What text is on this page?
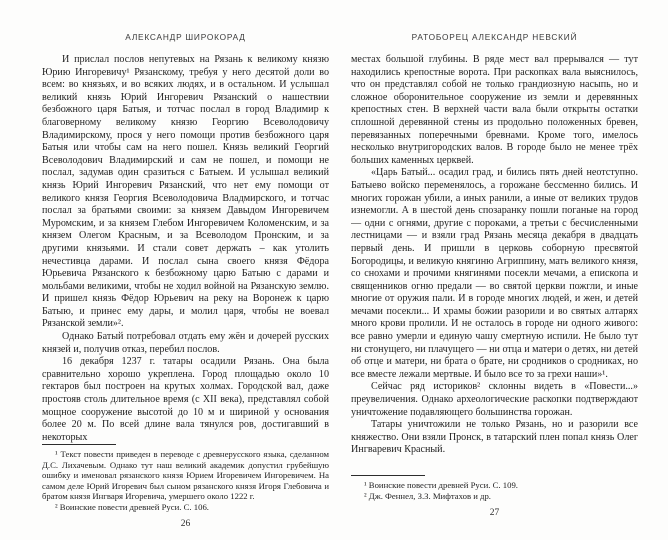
АЛЕКСАНДР ШИРОКОРАД

И прислал послов непутевых на Рязань к великому князю Юрию Ингоревичу¹ Рязанскому, требуя у него десятой доли во всем: во князьях, и во всяких людях, и в остальном. И услышал великий князь Юрий Ингоревич Рязанский о нашествии безбожного царя Батыя, и тотчас послал в город Владимир к благоверному великому князю Георгию Всеволодовичу Владимирскому, прося у него помощи против безбожного царя Батыя или чтобы сам на него пошел. Князь великий Георгий Всеволодович Владимирский и сам не пошел, и помощи не послал, задумав один сразиться с Батыем. И услышал великий князь Юрий Ингоревич Рязанский, что нет ему помощи от великого князя Георгия Всеволодовича Владмирского, и тотчас послал за братьями своими: за князем Давыдом Ингоревичем Муромским, и за князем Глебом Ингоревичем Коломенским, и за князем Олегом Красным, и за Всеволодом Пронским, и за другими князьями. И стали совет держать – как утолить нечестивца дарами. И послал сына своего князя Фёдора Юрьевича Рязанского к безбожному царю Батыю с дарами и мольбами великими, чтобы не ходил войной на Рязанскую землю. И пришел князь Фёдор Юрьевич на реку на Воронеж к царю Батыю, и принес ему дары, и молил царя, чтобы не воевал Рязанской земли»².

Однако Батый потребовал отдать ему жён и дочерей русских князей и, получив отказ, перебил послов.

16 декабря 1237 г. татары осадили Рязань. Она была сравнительно хорошо укреплена. Город площадью около 10 гектаров был построен на крутых холмах. Городской вал, даже простояв столь длительное время (с XII века), представлял собой мощное сооружение высотой до 10 м и шириной у основания более 20 м. По всей длине вала тянулся ров, достигавший в некоторых

¹ Текст повести приведен в переводе с древнерусского языка, сделанном Д.С. Лихачевым. Однако тут наш великий академик допустил грубейшую ошибку и именовал рязанского князя Юрием Игоревичем Ингоревичем. На самом деле Юрий Игоревич был сыном рязанского князя Игоря Глебовича и братом князя Ингваря Игоревича, умершего около 1222 г.

² Воинские повести древней Руси. С. 106.

26
РАТОБОРЕЦ АЛЕКСАНДР НЕВСКИЙ

местах большой глубины. В ряде мест вал прерывался — тут находились крепостные ворота. При раскопках вала выяснилось, что он представлял собой не только грандиозную насыпь, но и сложное оборонительное сооружение из земли и деревянных крепостных стен. В верхней части вала были открыты остатки сплошной деревянной стены из продольно положенных бревен, перевязанных поперечными бревнами. Кроме того, имелось несколько внутригородских валов. В городе было не менее трёх больших каменных церквей.

«Царь Батый... осадил град, и бились пять дней неотступно. Батыево войско переменялось, а горожане бессменно бились. И многих горожан убили, а иных ранили, а иные от великих трудов изнемогли. А в шестой день спозаранку пошли поганые на город — одни с огнями, другие с пороками, а третьи с бесчисленными лестницами — и взяли град Рязань месяца декабря в двадцать первый день. И пришли в церковь соборную пресвятой Богородицы, и великую княгиню Агриппину, мать великого князя, со снохами и прочими княгинями посекли мечами, а епископа и священников огню предали — во святой церкви пожгли, и иные многие от оружия пали. И в городе многих людей, и жен, и детей мечами посекли... И храмы божии разорили и во святых алтарях много крови пролили. И не осталось в городе ни одного живого: все равно умерли и единую чашу смертную испили. Не было тут ни стонущего, ни плачущего — ни отца и матери о детях, ни детей об отце и матери, ни брата о брате, ни сродников о сродниках, но все вместе лежали мертвые. И было все то за грехи наши»¹.

Сейчас ряд историков² склонны видеть в «Повести...» преувеличения. Однако археологические раскопки подтверждают уничтожение подавляющего большинства горожан.

Татары уничтожили не только Рязань, но и разорили все княжество. Они взяли Пронск, в татарский плен попал князь Олег Ингваревич Красный.

¹ Воинские повести древней Руси. С. 109.

² Дж. Феннел, З.З. Мифтахов и др.

27
